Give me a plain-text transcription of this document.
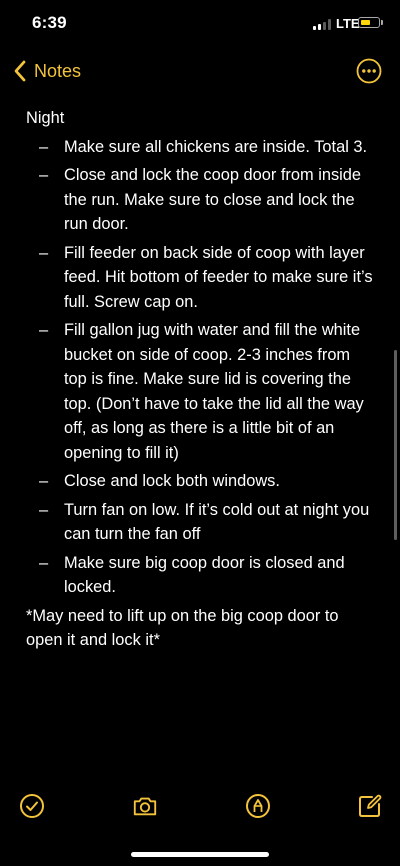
6:39	LTE
Notes
Night
– Make sure all chickens are inside. Total 3.
– Close and lock the coop door from inside the run. Make sure to close and lock the run door.
– Fill feeder on back side of coop with layer feed. Hit bottom of feeder to make sure it’s full. Screw cap on.
– Fill gallon jug with water and fill the white bucket on side of coop. 2-3 inches from top is fine. Make sure lid is covering the top. (Don’t have to take the lid all the way off, as long as there is a little bit of an opening to fill it)
– Close and lock both windows.
– Turn fan on low. If it’s cold out at night you can turn the fan off
– Make sure big coop door is closed and locked.
*May need to lift up on the big coop door to open it and lock it*
